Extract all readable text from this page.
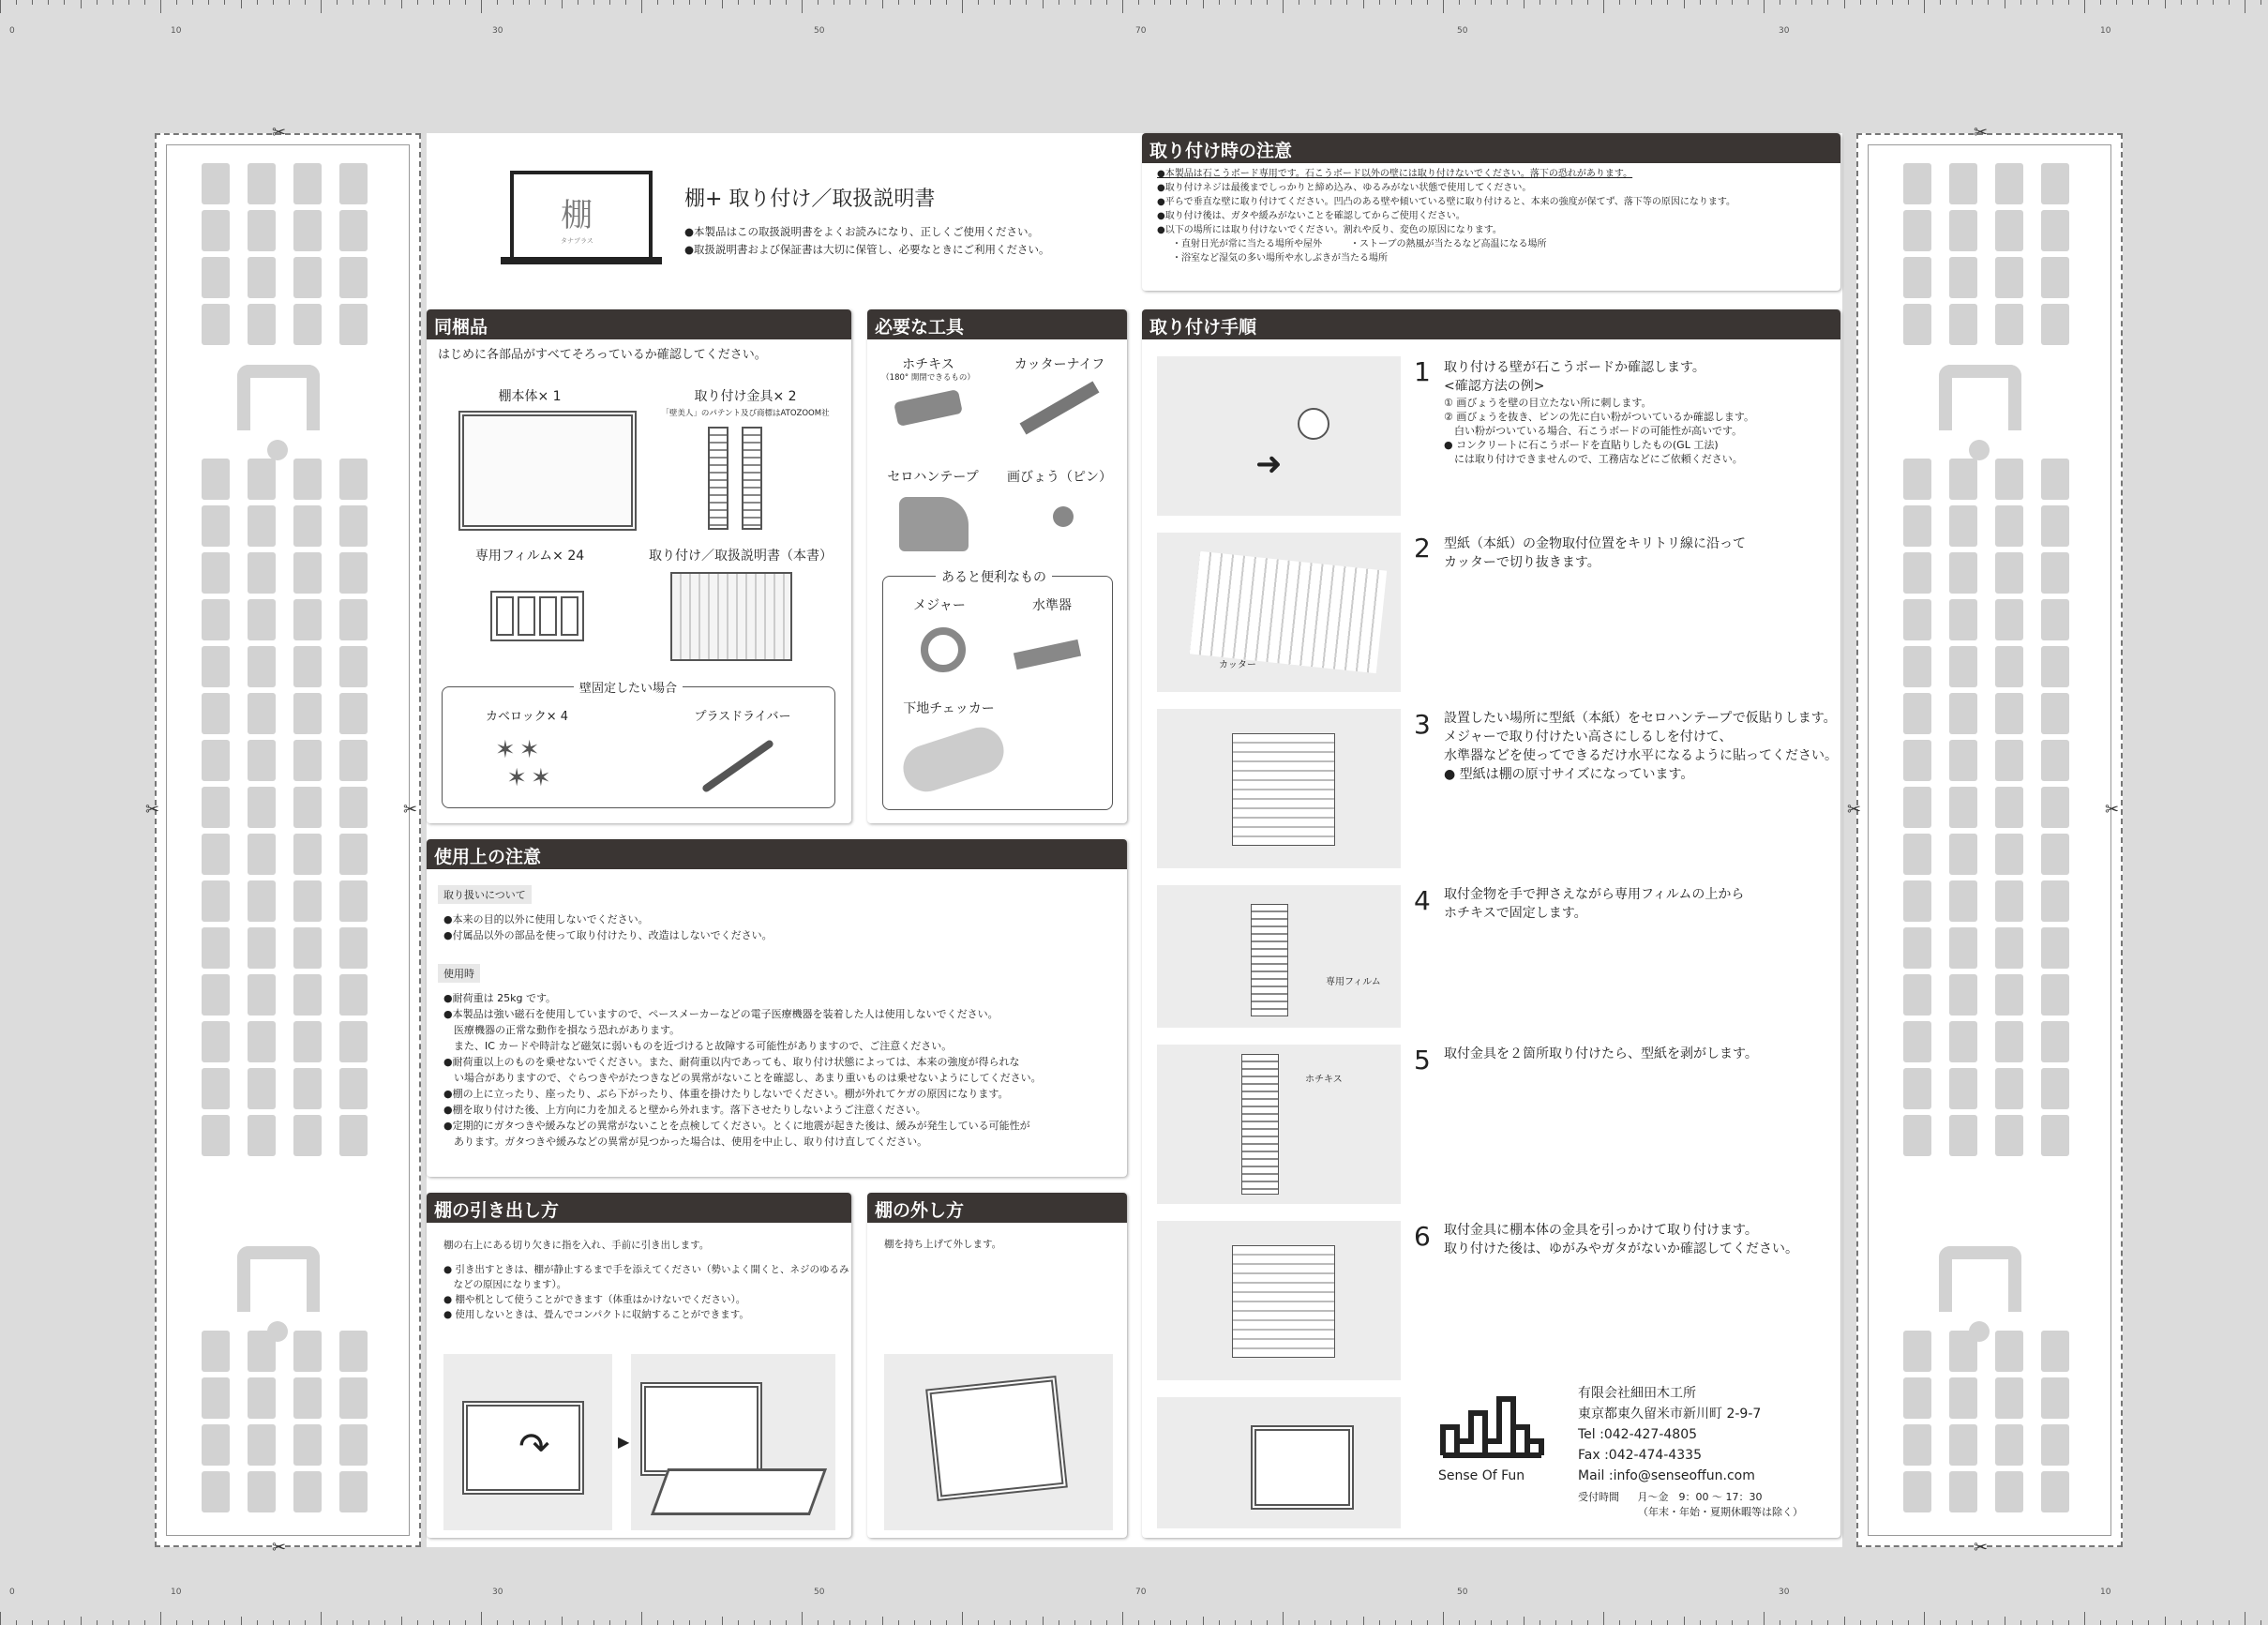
0	10	30	50	70	50	30	10
0	10	30	50	70	50	30	10
✂
✂
✂	✂
✂
✂
✂	✂
棚
タナプラス
棚+ 取り付け／取扱説明書
●本製品はこの取扱説明書をよくお読みになり、正しくご使用ください。
●取扱説明書および保証書は大切に保管し、必要なときにご利用ください。
取り付け時の注意
●本製品は石こうボード専用です。石こうボード以外の壁には取り付けないでください。落下の恐れがあります。
●取り付けネジは最後までしっかりと締め込み、ゆるみがない状態で使用してください。
●平らで垂直な壁に取り付けてください。凹凸のある壁や傾いている壁に取り付けると、本来の強度が保てず、落下等の原因になります。
●取り付け後は、ガタや緩みがないことを確認してからご使用ください。
●以下の場所には取り付けないでください。割れや反り、変色の原因になります。
・直射日光が常に当たる場所や屋外　　　・ストーブの熱風が当たるなど高温になる場所
・浴室など湿気の多い場所や水しぶきが当たる場所
同梱品
はじめに各部品がすべてそろっているか確認してください。
棚本体× 1	取り付け金具× 2
「壁美人」のパテント及び商標はATOZOOM社
専用フィルム× 24	取り付け／取扱説明書（本書）
壁固定したい場合
カベロック× 4
✶✶
✶✶
プラスドライバー
必要な工具
ホチキス
（180° 開閉できるもの）
カッターナイフ
セロハンテープ	画びょう（ピン）
あると便利なもの
メジャー	水準器
下地チェッカー
取り付け手順
➜
カッター
専用フィルム
ホチキス
1 取り付ける壁が石こうボードか確認します。
<確認方法の例>
① 画びょうを壁の目立たない所に刺します。
② 画びょうを抜き、ピンの先に白い粉がついているか確認します。
　白い粉がついている場合、石こうボードの可能性が高いです。
● コンクリートに石こうボードを直貼りしたもの(GL 工法)
　には取り付けできませんので、工務店などにご依頼ください。
2 型紙（本紙）の金物取付位置をキリトリ線に沿って
カッターで切り抜きます。
3 設置したい場所に型紙（本紙）をセロハンテープで仮貼りします。
メジャーで取り付けたい高さにしるしを付けて、
水準器などを使ってできるだけ水平になるように貼ってください。
● 型紙は棚の原寸サイズになっています。
4 取付金物を手で押さえながら専用フィルムの上から
ホチキスで固定します。
5 取付金具を２箇所取り付けたら、型紙を剥がします。
6 取付金具に棚本体の金具を引っかけて取り付けます。
取り付けた後は、ゆがみやガタがないか確認してください。
Sense Of Fun
有限会社細田木工所
東京都東久留米市新川町 2-9-7
Tel :042-427-4805
Fax :042-474-4335
Mail :info@senseoffun.com
受付時間 月〜金　9：00 〜 17：30
（年末・年始・夏期休暇等は除く）
使用上の注意
取り扱いについて
●本来の目的以外に使用しないでください。
●付属品以外の部品を使って取り付けたり、改造はしないでください。
使用時
●耐荷重は 25kg です。
●本製品は強い磁石を使用していますので、ペースメーカーなどの電子医療機器を装着した人は使用しないでください。
　医療機器の正常な動作を損なう恐れがあります。
　また、IC カードや時計など磁気に弱いものを近づけると故障する可能性がありますので、ご注意ください。
●耐荷重以上のものを乗せないでください。また、耐荷重以内であっても、取り付け状態によっては、本来の強度が得られな
　い場合がありますので、ぐらつきやがたつきなどの異常がないことを確認し、あまり重いものは乗せないようにしてください。
●棚の上に立ったり、座ったり、ぶら下がったり、体重を掛けたりしないでください。棚が外れてケガの原因になります。
●棚を取り付けた後、上方向に力を加えると壁から外れます。落下させたりしないようご注意ください。
●定期的にガタつきや緩みなどの異常がないことを点検してください。とくに地震が起きた後は、緩みが発生している可能性が
　あります。ガタつきや緩みなどの異常が見つかった場合は、使用を中止し、取り付け直してください。
棚の引き出し方
棚の右上にある切り欠きに指を入れ、手前に引き出します。
● 引き出すときは、棚が静止するまで手を添えてください（勢いよく開くと、ネジのゆるみ
　などの原因になります）。
● 棚や机として使うことができます（体重はかけないでください）。
● 使用しないときは、畳んでコンパクトに収納することができます。
↷	▶
棚の外し方
棚を持ち上げて外します。
